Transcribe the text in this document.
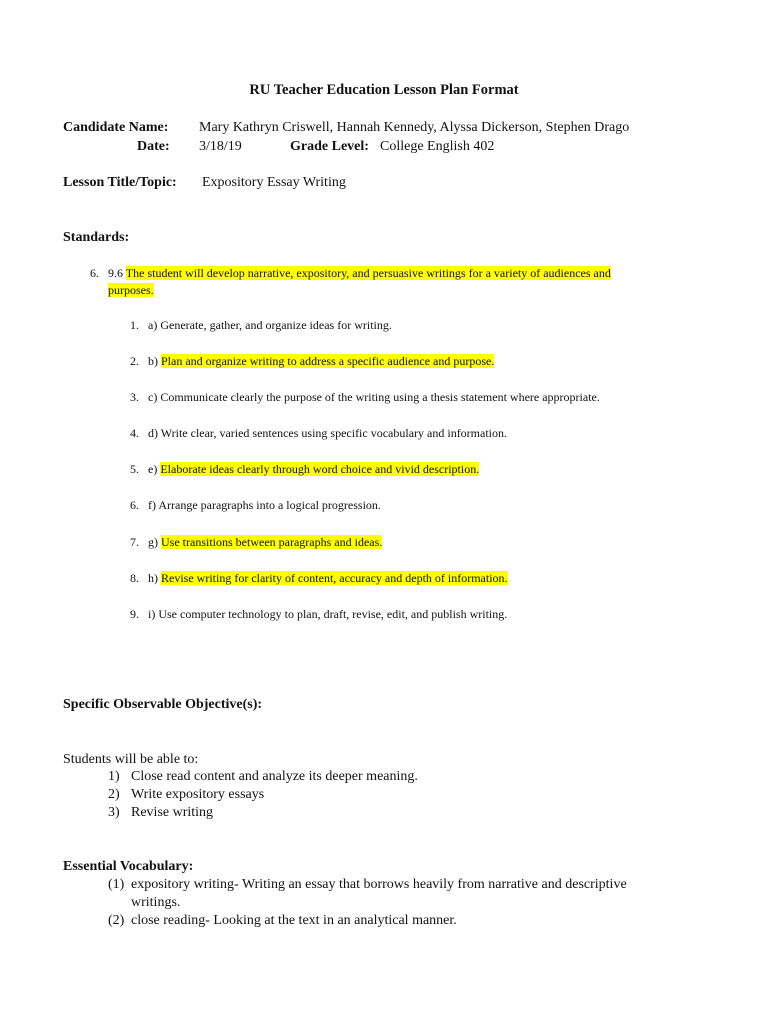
RU Teacher Education Lesson Plan Format
Candidate Name: Mary Kathryn Criswell, Hannah Kennedy, Alyssa Dickerson, Stephen Drago
Date: 3/18/19	Grade Level: College English 402
Lesson Title/Topic: Expository Essay Writing
Standards:
6. 9.6 The student will develop narrative, expository, and persuasive writings for a variety of audiences and
purposes.
1. a) Generate, gather, and organize ideas for writing.
2. b) Plan and organize writing to address a specific audience and purpose.
3. c) Communicate clearly the purpose of the writing using a thesis statement where appropriate.
4. d) Write clear, varied sentences using specific vocabulary and information.
5. e) Elaborate ideas clearly through word choice and vivid description.
6. f) Arrange paragraphs into a logical progression.
7. g) Use transitions between paragraphs and ideas.
8. h) Revise writing for clarity of content, accuracy and depth of information.
9. i) Use computer technology to plan, draft, revise, edit, and publish writing.
Specific Observable Objective(s):
Students will be able to:
1) Close read content and analyze its deeper meaning.
2) Write expository essays
3) Revise writing
Essential Vocabulary:
(1) expository writing- Writing an essay that borrows heavily from narrative and descriptive
writings.
(2) close reading- Looking at the text in an analytical manner.
